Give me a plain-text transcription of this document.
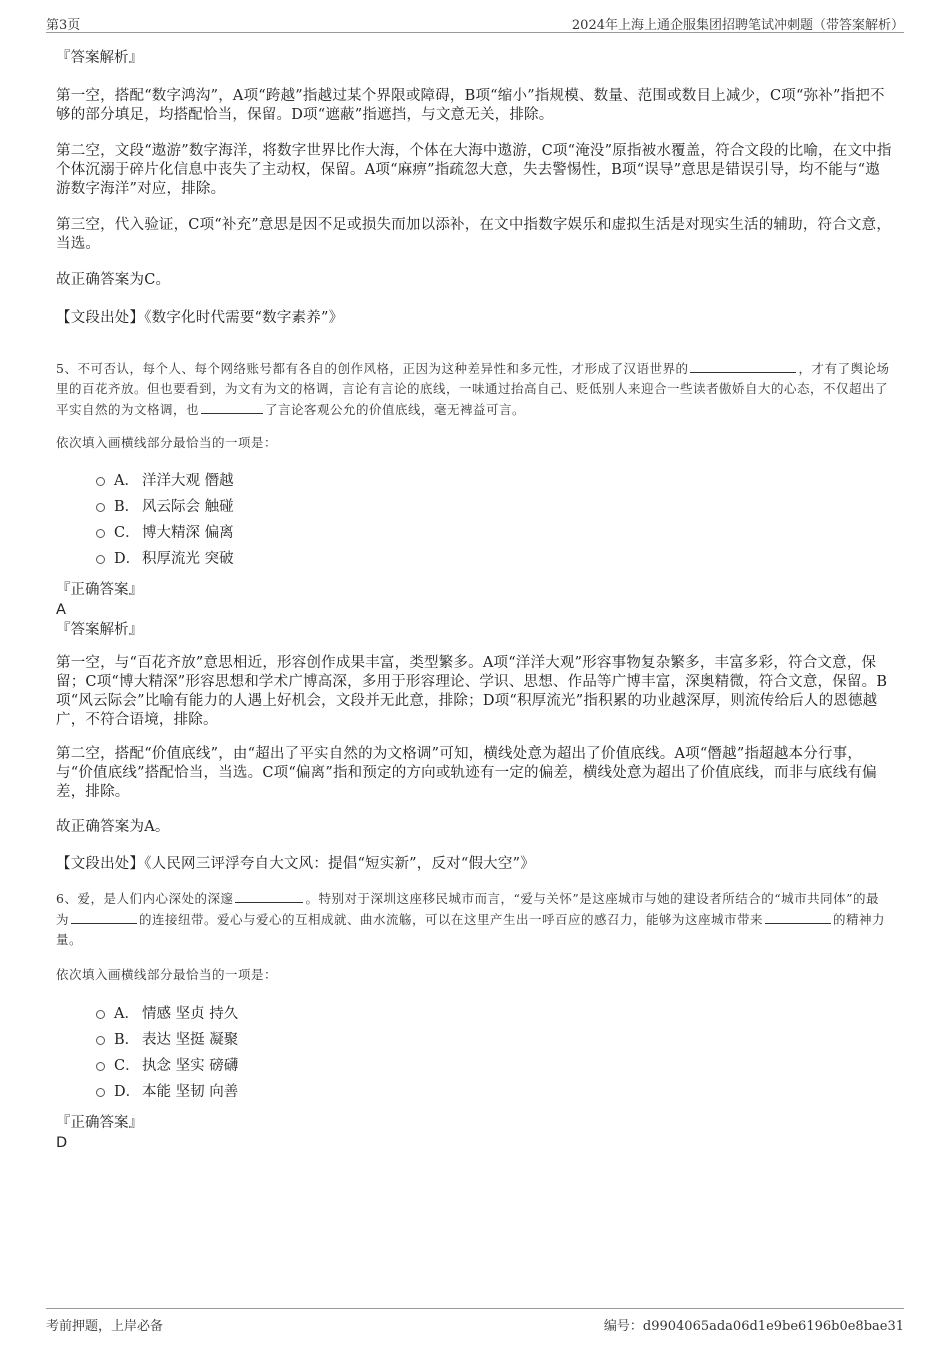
第3页	2024年上海上通企服集团招聘笔试冲刺题（带答案解析）

『答案解析』

第一空，搭配“数字鸿沟”，A项“跨越”指越过某个界限或障碍，B项“缩小”指规模、数量、范围或数目上减少，C项“弥补”指把不够的部分填足，均搭配恰当，保留。D项“遮蔽”指遮挡，与文意无关，排除。

第二空，文段“遨游”数字海洋，将数字世界比作大海，个体在大海中遨游，C项“淹没”原指被水覆盖，符合文段的比喻，在文中指个体沉溺于碎片化信息中丧失了主动权，保留。A项“麻痹”指疏忽大意，失去警惕性，B项“误导”意思是错误引导，均不能与“遨游数字海洋”对应，排除。

第三空，代入验证，C项“补充”意思是因不足或损失而加以添补，在文中指数字娱乐和虚拟生活是对现实生活的辅助，符合文意，当选。

故正确答案为C。

【文段出处】《数字化时代需要“数字素养”》

5、不可否认，每个人、每个网络账号都有各自的创作风格，正因为这种差异性和多元性，才形成了汉语世界的	，才有了舆论场里的百花齐放。但也要看到，为文有为文的格调，言论有言论的底线，一味通过抬高自己、贬低别人来迎合一些读者傲娇自大的心态，不仅超出了平实自然的为文格调，也	了言论客观公允的价值底线，毫无裨益可言。

依次填入画横线部分最恰当的一项是：

A． 洋洋大观 僭越
B． 风云际会 触碰
C． 博大精深 偏离
D． 积厚流光 突破

『正确答案』

A

『答案解析』

第一空，与“百花齐放”意思相近，形容创作成果丰富，类型繁多。A项“洋洋大观”形容事物复杂繁多，丰富多彩，符合文意，保留；C项“博大精深”形容思想和学术广博高深，多用于形容理论、学识、思想、作品等广博丰富，深奥精微，符合文意，保留。B项“风云际会”比喻有能力的人遇上好机会，文段并无此意，排除；D项“积厚流光”指积累的功业越深厚，则流传给后人的恩德越广，不符合语境，排除。

第二空，搭配“价值底线”，由“超出了平实自然的为文格调”可知，横线处意为超出了价值底线。A项“僭越”指超越本分行事，与“价值底线”搭配恰当，当选。C项“偏离”指和预定的方向或轨迹有一定的偏差，横线处意为超出了价值底线，而非与底线有偏差，排除。

故正确答案为A。

【文段出处】《人民网三评浮夸自大文风：提倡“短实新”，反对“假大空”》

6、爱，是人们内心深处的深邃	。特别对于深圳这座移民城市而言，“爱与关怀”是这座城市与她的建设者所结合的“城市共同体”的最为	的连接纽带。爱心与爱心的互相成就、曲水流觞，可以在这里产生出一呼百应的感召力，能够为这座城市带来	的精神力量。

依次填入画横线部分最恰当的一项是：

A． 情感 坚贞 持久
B． 表达 坚挺 凝聚
C． 执念 坚实 磅礴
D． 本能 坚韧 向善

『正确答案』

D

考前押题，上岸必备	编号：d9904065ada06d1e9be6196b0e8bae31
